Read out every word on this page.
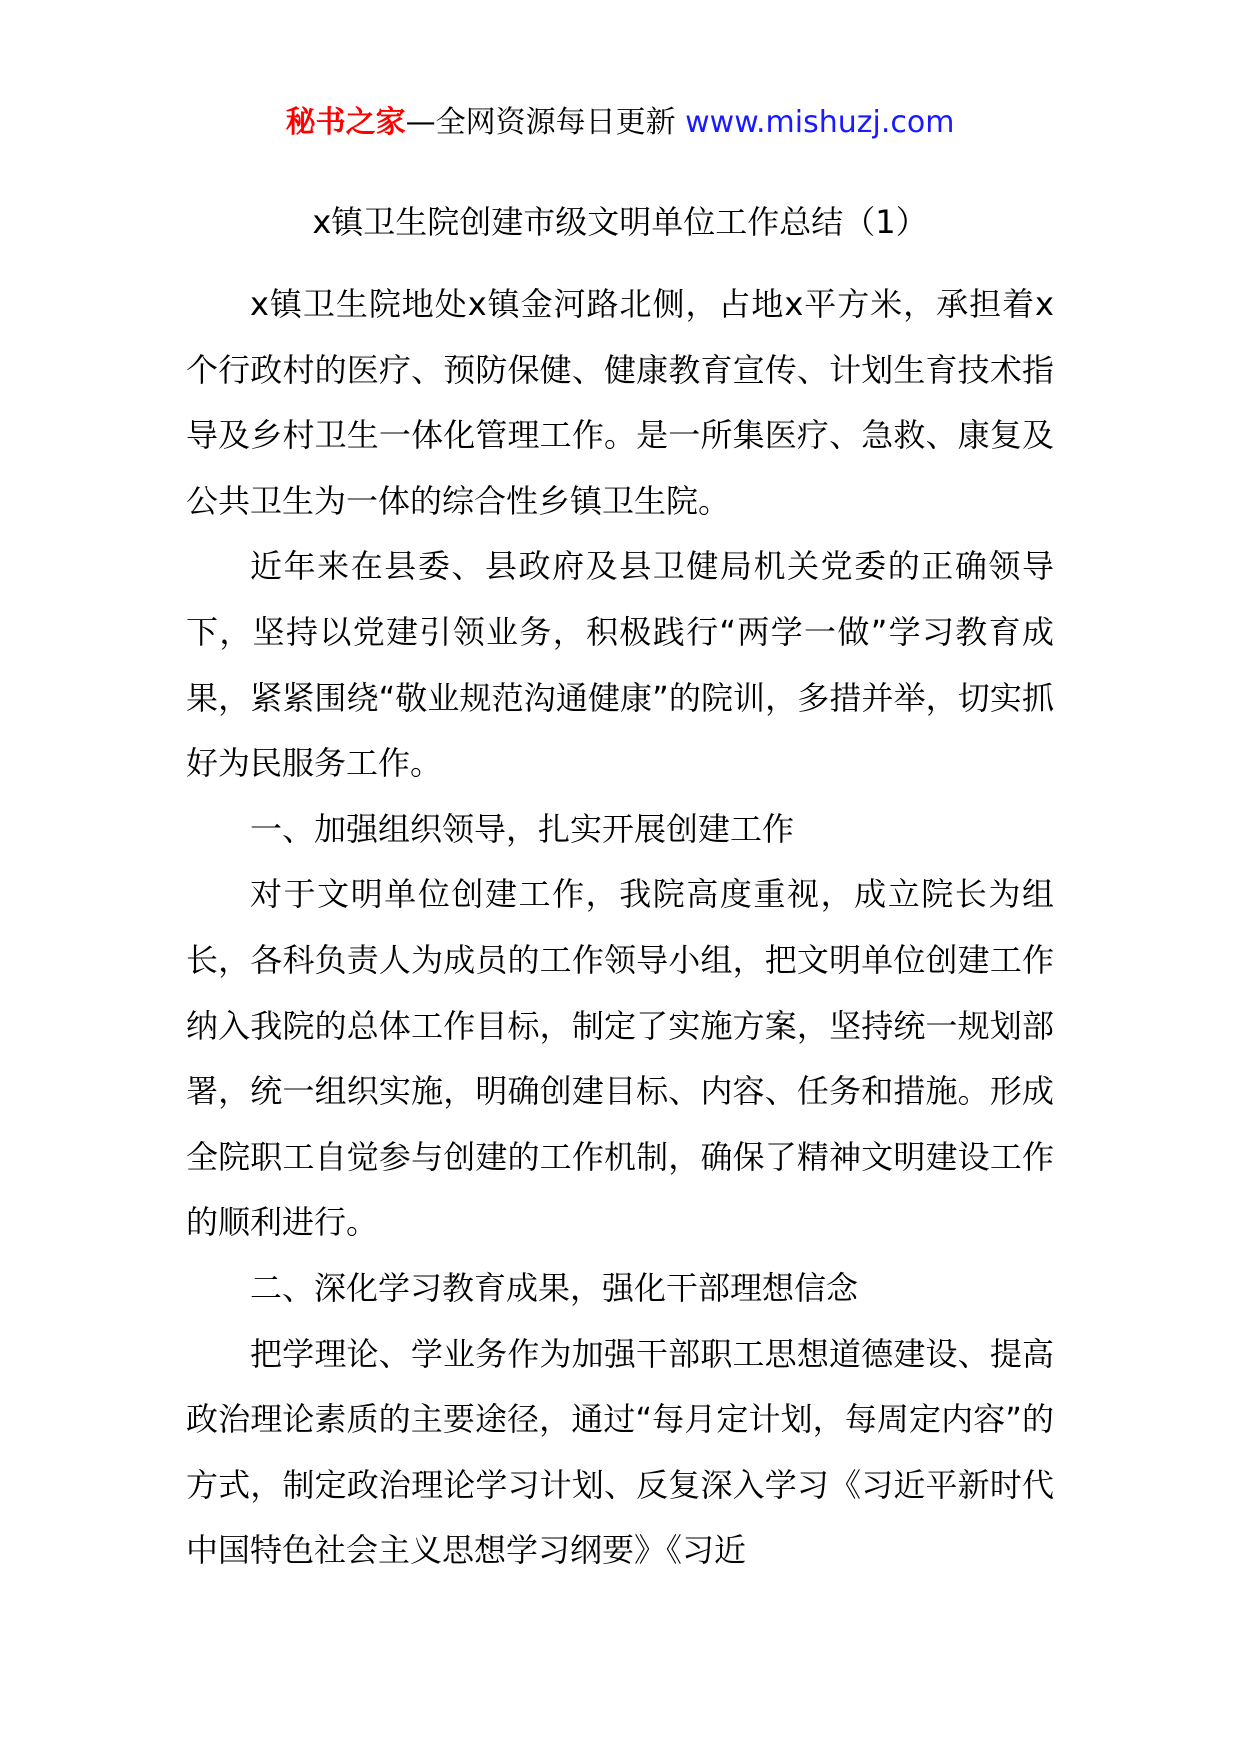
秘书之家—全网资源每日更新 www.mishuzj.com
x镇卫生院创建市级文明单位工作总结（1）

x镇卫生院地处x镇金河路北侧，占地x平方米，承担着x个行政村的医疗、预防保健、健康教育宣传、计划生育技术指导及乡村卫生一体化管理工作。是一所集医疗、急救、康复及公共卫生为一体的综合性乡镇卫生院。

近年来在县委、县政府及县卫健局机关党委的正确领导下，坚持以党建引领业务，积极践行“两学一做”学习教育成果，紧紧围绕“敬业规范沟通健康”的院训，多措并举，切实抓好为民服务工作。

一、加强组织领导，扎实开展创建工作

对于文明单位创建工作，我院高度重视，成立院长为组长，各科负责人为成员的工作领导小组，把文明单位创建工作纳入我院的总体工作目标，制定了实施方案，坚持统一规划部署，统一组织实施，明确创建目标、内容、任务和措施。形成全院职工自觉参与创建的工作机制，确保了精神文明建设工作的顺利进行。

二、深化学习教育成果，强化干部理想信念

把学理论、学业务作为加强干部职工思想道德建设、提高政治理论素质的主要途径，通过“每月定计划，每周定内容”的方式，制定政治理论学习计划、反复深入学习《习近平新时代中国特色社会主义思想学习纲要》《习近
